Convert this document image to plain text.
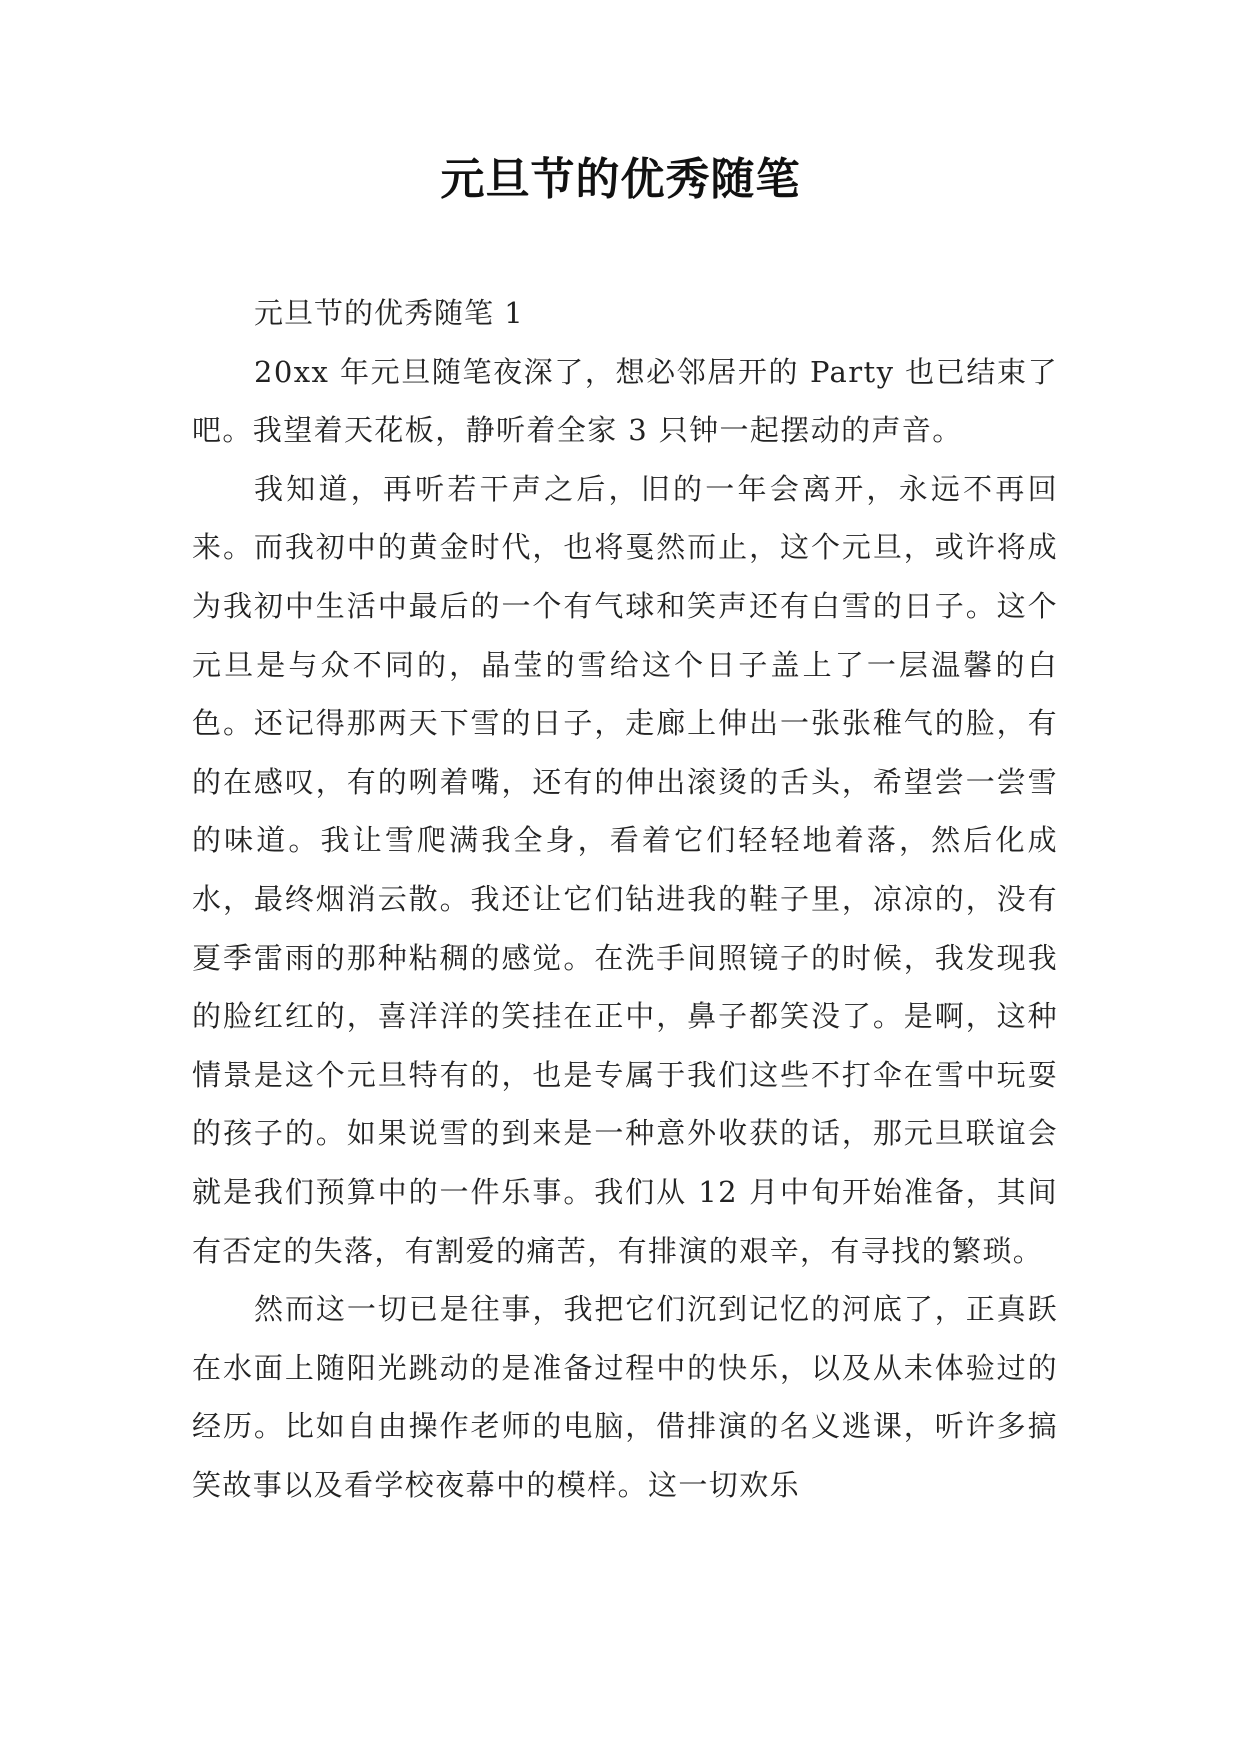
元旦节的优秀随笔

元旦节的优秀随笔 1

20xx 年元旦随笔夜深了，想必邻居开的 Party 也已结束了吧。我望着天花板，静听着全家 3 只钟一起摆动的声音。

我知道，再听若干声之后，旧的一年会离开，永远不再回来。而我初中的黄金时代，也将戛然而止，这个元旦，或许将成为我初中生活中最后的一个有气球和笑声还有白雪的日子。这个元旦是与众不同的，晶莹的雪给这个日子盖上了一层温馨的白色。还记得那两天下雪的日子，走廊上伸出一张张稚气的脸，有的在感叹，有的咧着嘴，还有的伸出滚烫的舌头，希望尝一尝雪的味道。我让雪爬满我全身，看着它们轻轻地着落，然后化成水，最终烟消云散。我还让它们钻进我的鞋子里，凉凉的，没有夏季雷雨的那种粘稠的感觉。在洗手间照镜子的时候，我发现我的脸红红的，喜洋洋的笑挂在正中，鼻子都笑没了。是啊，这种情景是这个元旦特有的，也是专属于我们这些不打伞在雪中玩耍的孩子的。如果说雪的到来是一种意外收获的话，那元旦联谊会就是我们预算中的一件乐事。我们从 12 月中旬开始准备，其间有否定的失落，有割爱的痛苦，有排演的艰辛，有寻找的繁琐。

然而这一切已是往事，我把它们沉到记忆的河底了，正真跃在水面上随阳光跳动的是准备过程中的快乐，以及从未体验过的经历。比如自由操作老师的电脑，借排演的名义逃课，听许多搞笑故事以及看学校夜幕中的模样。这一切欢乐
